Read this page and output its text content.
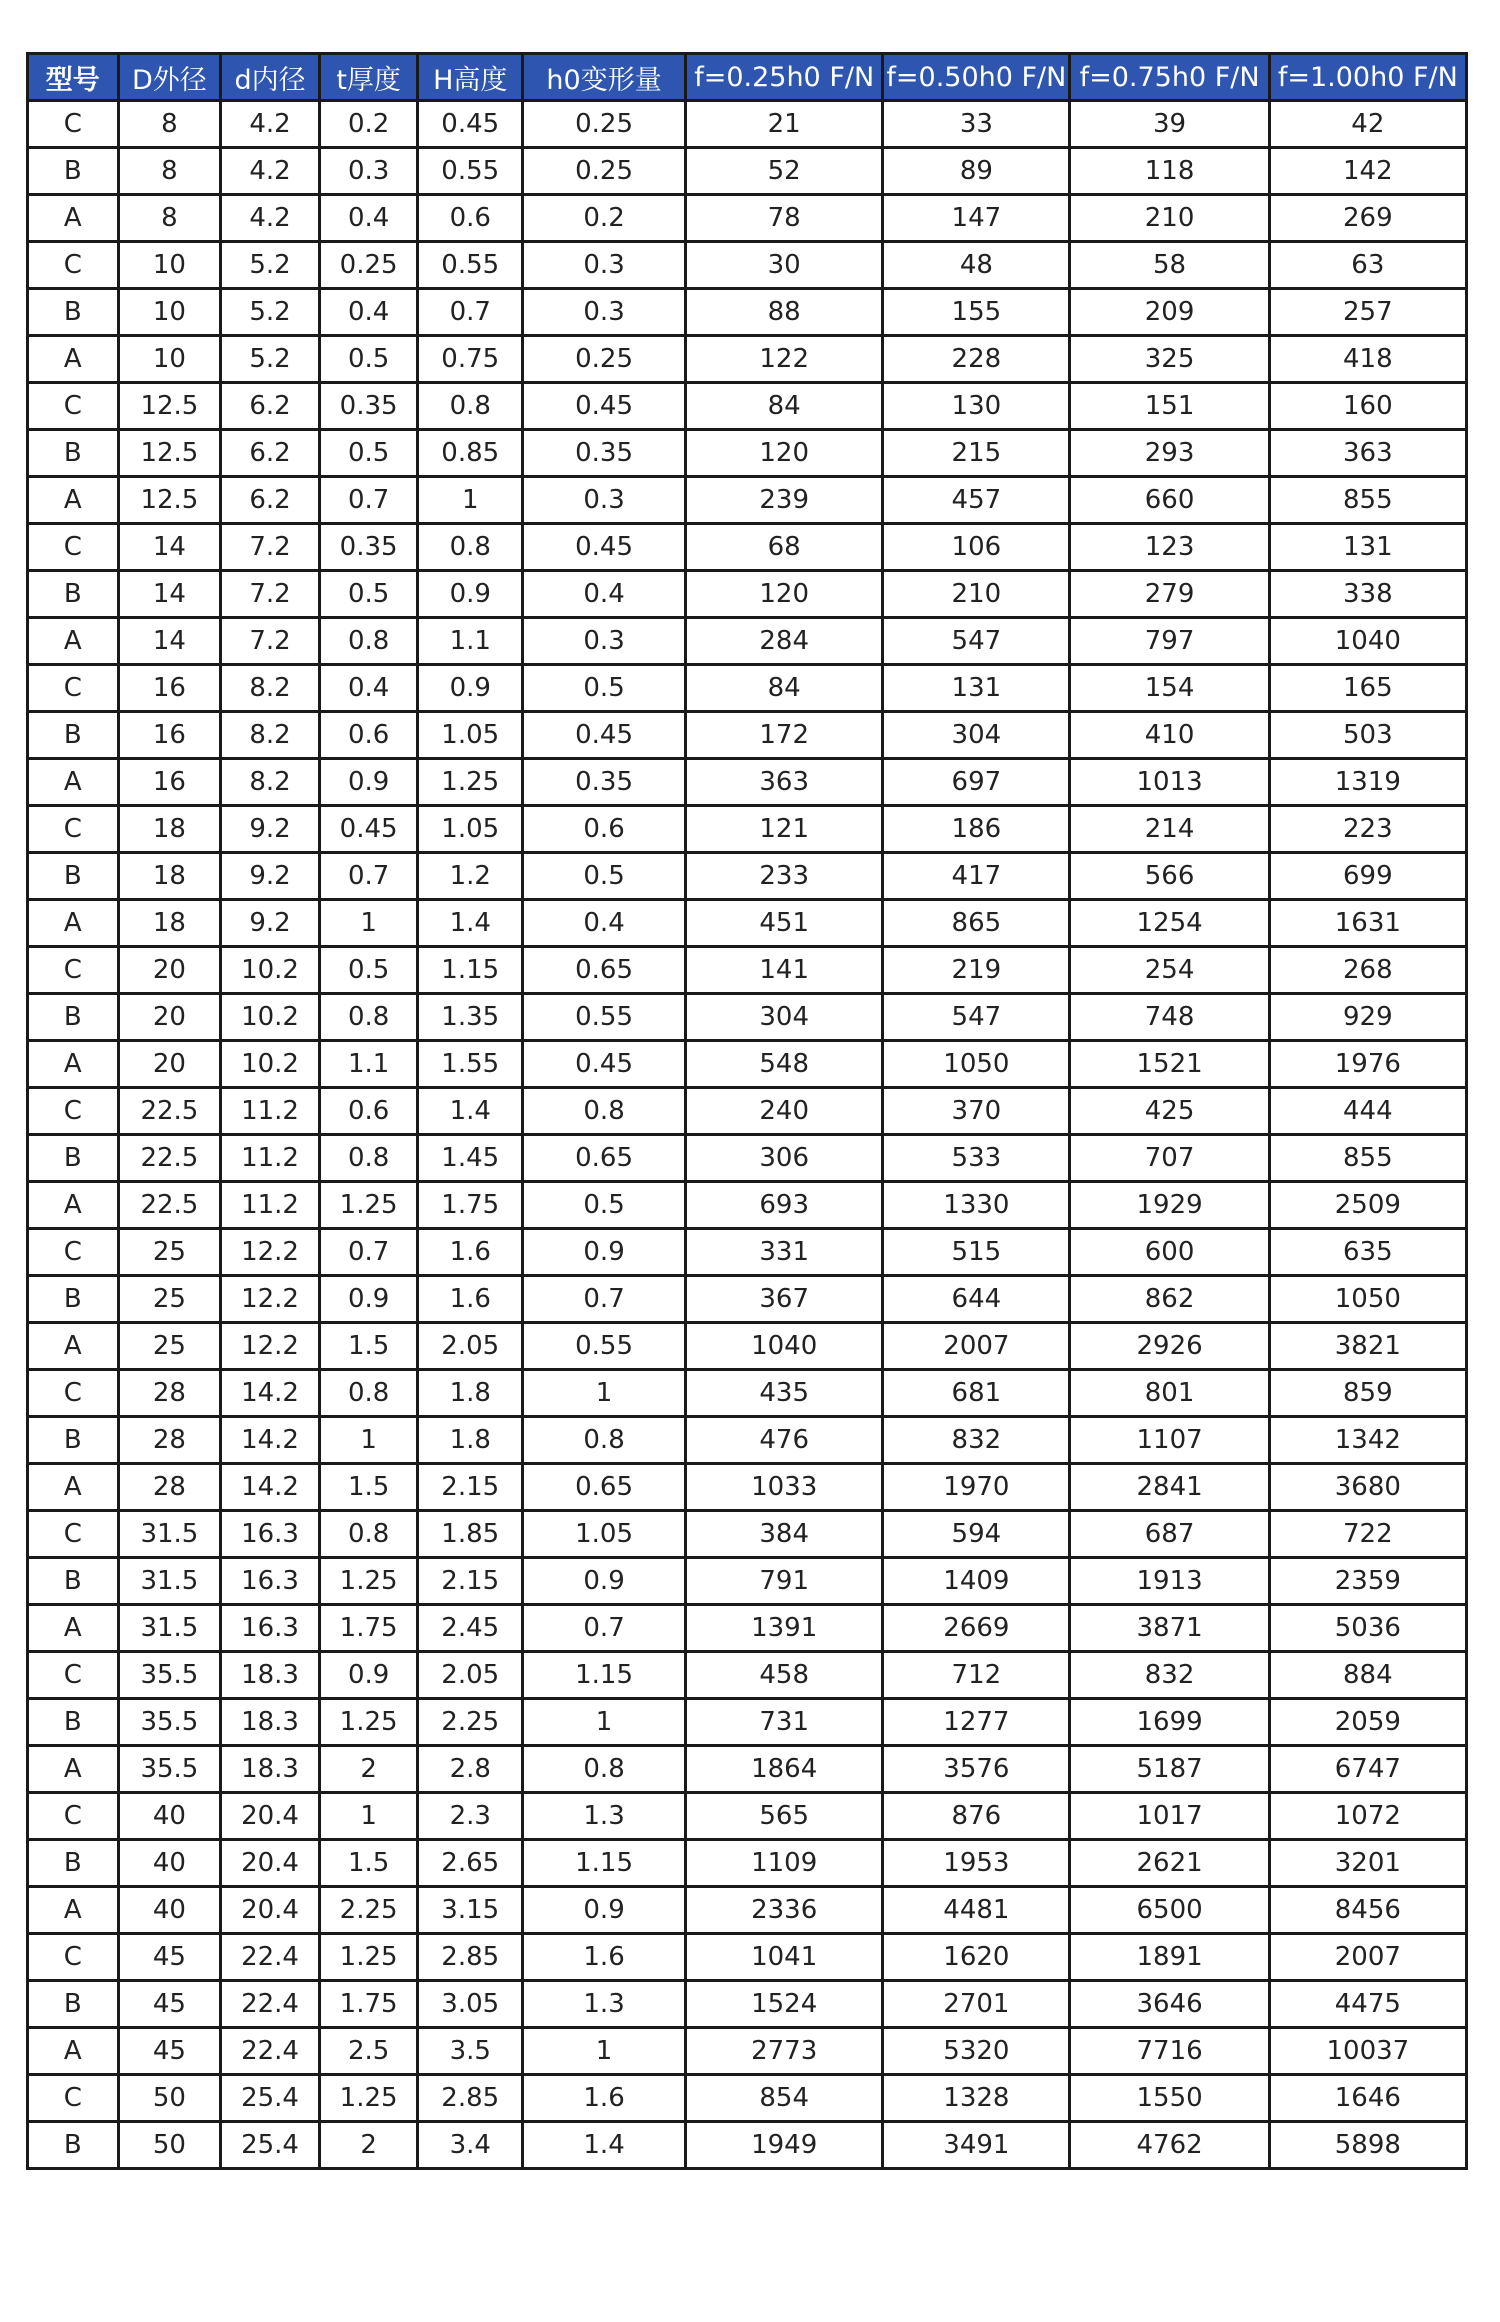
型号	D外径	d内径	t厚度	H高度	h0变形量	f=0.25h0 F/N	f=0.50h0 F/N	f=0.75h0 F/N	f=1.00h0 F/N
C	8	4.2	0.2	0.45	0.25	21	33	39	42
B	8	4.2	0.3	0.55	0.25	52	89	118	142
A	8	4.2	0.4	0.6	0.2	78	147	210	269
C	10	5.2	0.25	0.55	0.3	30	48	58	63
B	10	5.2	0.4	0.7	0.3	88	155	209	257
A	10	5.2	0.5	0.75	0.25	122	228	325	418
C	12.5	6.2	0.35	0.8	0.45	84	130	151	160
B	12.5	6.2	0.5	0.85	0.35	120	215	293	363
A	12.5	6.2	0.7	1	0.3	239	457	660	855
C	14	7.2	0.35	0.8	0.45	68	106	123	131
B	14	7.2	0.5	0.9	0.4	120	210	279	338
A	14	7.2	0.8	1.1	0.3	284	547	797	1040
C	16	8.2	0.4	0.9	0.5	84	131	154	165
B	16	8.2	0.6	1.05	0.45	172	304	410	503
A	16	8.2	0.9	1.25	0.35	363	697	1013	1319
C	18	9.2	0.45	1.05	0.6	121	186	214	223
B	18	9.2	0.7	1.2	0.5	233	417	566	699
A	18	9.2	1	1.4	0.4	451	865	1254	1631
C	20	10.2	0.5	1.15	0.65	141	219	254	268
B	20	10.2	0.8	1.35	0.55	304	547	748	929
A	20	10.2	1.1	1.55	0.45	548	1050	1521	1976
C	22.5	11.2	0.6	1.4	0.8	240	370	425	444
B	22.5	11.2	0.8	1.45	0.65	306	533	707	855
A	22.5	11.2	1.25	1.75	0.5	693	1330	1929	2509
C	25	12.2	0.7	1.6	0.9	331	515	600	635
B	25	12.2	0.9	1.6	0.7	367	644	862	1050
A	25	12.2	1.5	2.05	0.55	1040	2007	2926	3821
C	28	14.2	0.8	1.8	1	435	681	801	859
B	28	14.2	1	1.8	0.8	476	832	1107	1342
A	28	14.2	1.5	2.15	0.65	1033	1970	2841	3680
C	31.5	16.3	0.8	1.85	1.05	384	594	687	722
B	31.5	16.3	1.25	2.15	0.9	791	1409	1913	2359
A	31.5	16.3	1.75	2.45	0.7	1391	2669	3871	5036
C	35.5	18.3	0.9	2.05	1.15	458	712	832	884
B	35.5	18.3	1.25	2.25	1	731	1277	1699	2059
A	35.5	18.3	2	2.8	0.8	1864	3576	5187	6747
C	40	20.4	1	2.3	1.3	565	876	1017	1072
B	40	20.4	1.5	2.65	1.15	1109	1953	2621	3201
A	40	20.4	2.25	3.15	0.9	2336	4481	6500	8456
C	45	22.4	1.25	2.85	1.6	1041	1620	1891	2007
B	45	22.4	1.75	3.05	1.3	1524	2701	3646	4475
A	45	22.4	2.5	3.5	1	2773	5320	7716	10037
C	50	25.4	1.25	2.85	1.6	854	1328	1550	1646
B	50	25.4	2	3.4	1.4	1949	3491	4762	5898
